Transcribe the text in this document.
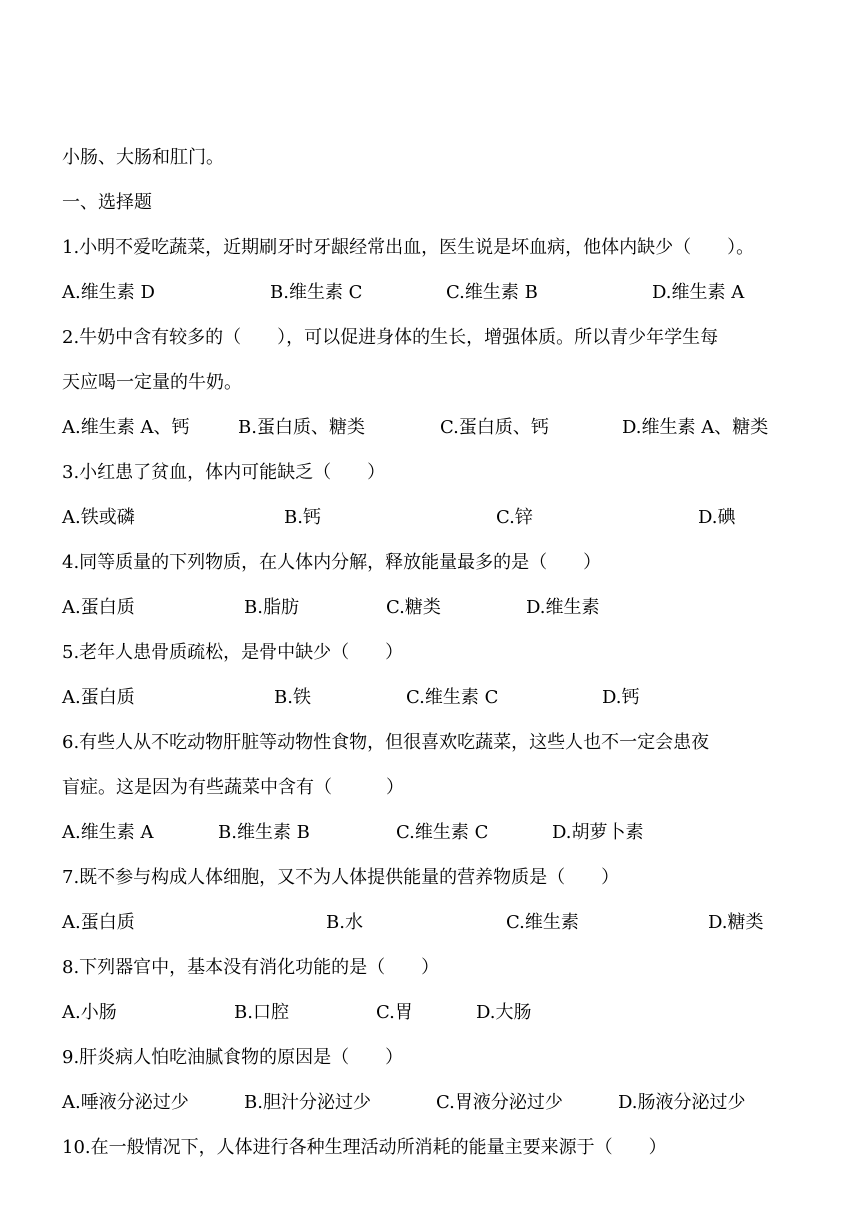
小肠、大肠和肛门。
一、选择题
1.小明不爱吃蔬菜，近期刷牙时牙龈经常出血，医生说是坏血病，他体内缺少（　　）。
A.维生素 D	B.维生素 C	C.维生素 B	D.维生素 A
2.牛奶中含有较多的（　　），可以促进身体的生长，增强体质。所以青少年学生每
天应喝一定量的牛奶。
A.维生素 A、钙	B.蛋白质、糖类	C.蛋白质、钙	D.维生素 A、糖类
3.小红患了贫血，体内可能缺乏（　　）
A.铁或磷	B.钙	C.锌	D.碘
4.同等质量的下列物质，在人体内分解，释放能量最多的是（　　）
A.蛋白质	B.脂肪	C.糖类	D.维生素
5.老年人患骨质疏松，是骨中缺少（　　）
A.蛋白质	B.铁	C.维生素 C	D.钙
6.有些人从不吃动物肝脏等动物性食物，但很喜欢吃蔬菜，这些人也不一定会患夜
盲症。这是因为有些蔬菜中含有（　　　）
A.维生素 A	B.维生素 B	C.维生素 C	D.胡萝卜素
7.既不参与构成人体细胞，又不为人体提供能量的营养物质是（　　）
A.蛋白质	B.水	C.维生素	D.糖类
8.下列器官中，基本没有消化功能的是（　　）
A.小肠	B.口腔	C.胃	D.大肠
9.肝炎病人怕吃油腻食物的原因是（　　）
A.唾液分泌过少	B.胆汁分泌过少	C.胃液分泌过少	D.肠液分泌过少
10.在一般情况下，人体进行各种生理活动所消耗的能量主要来源于（　　）
